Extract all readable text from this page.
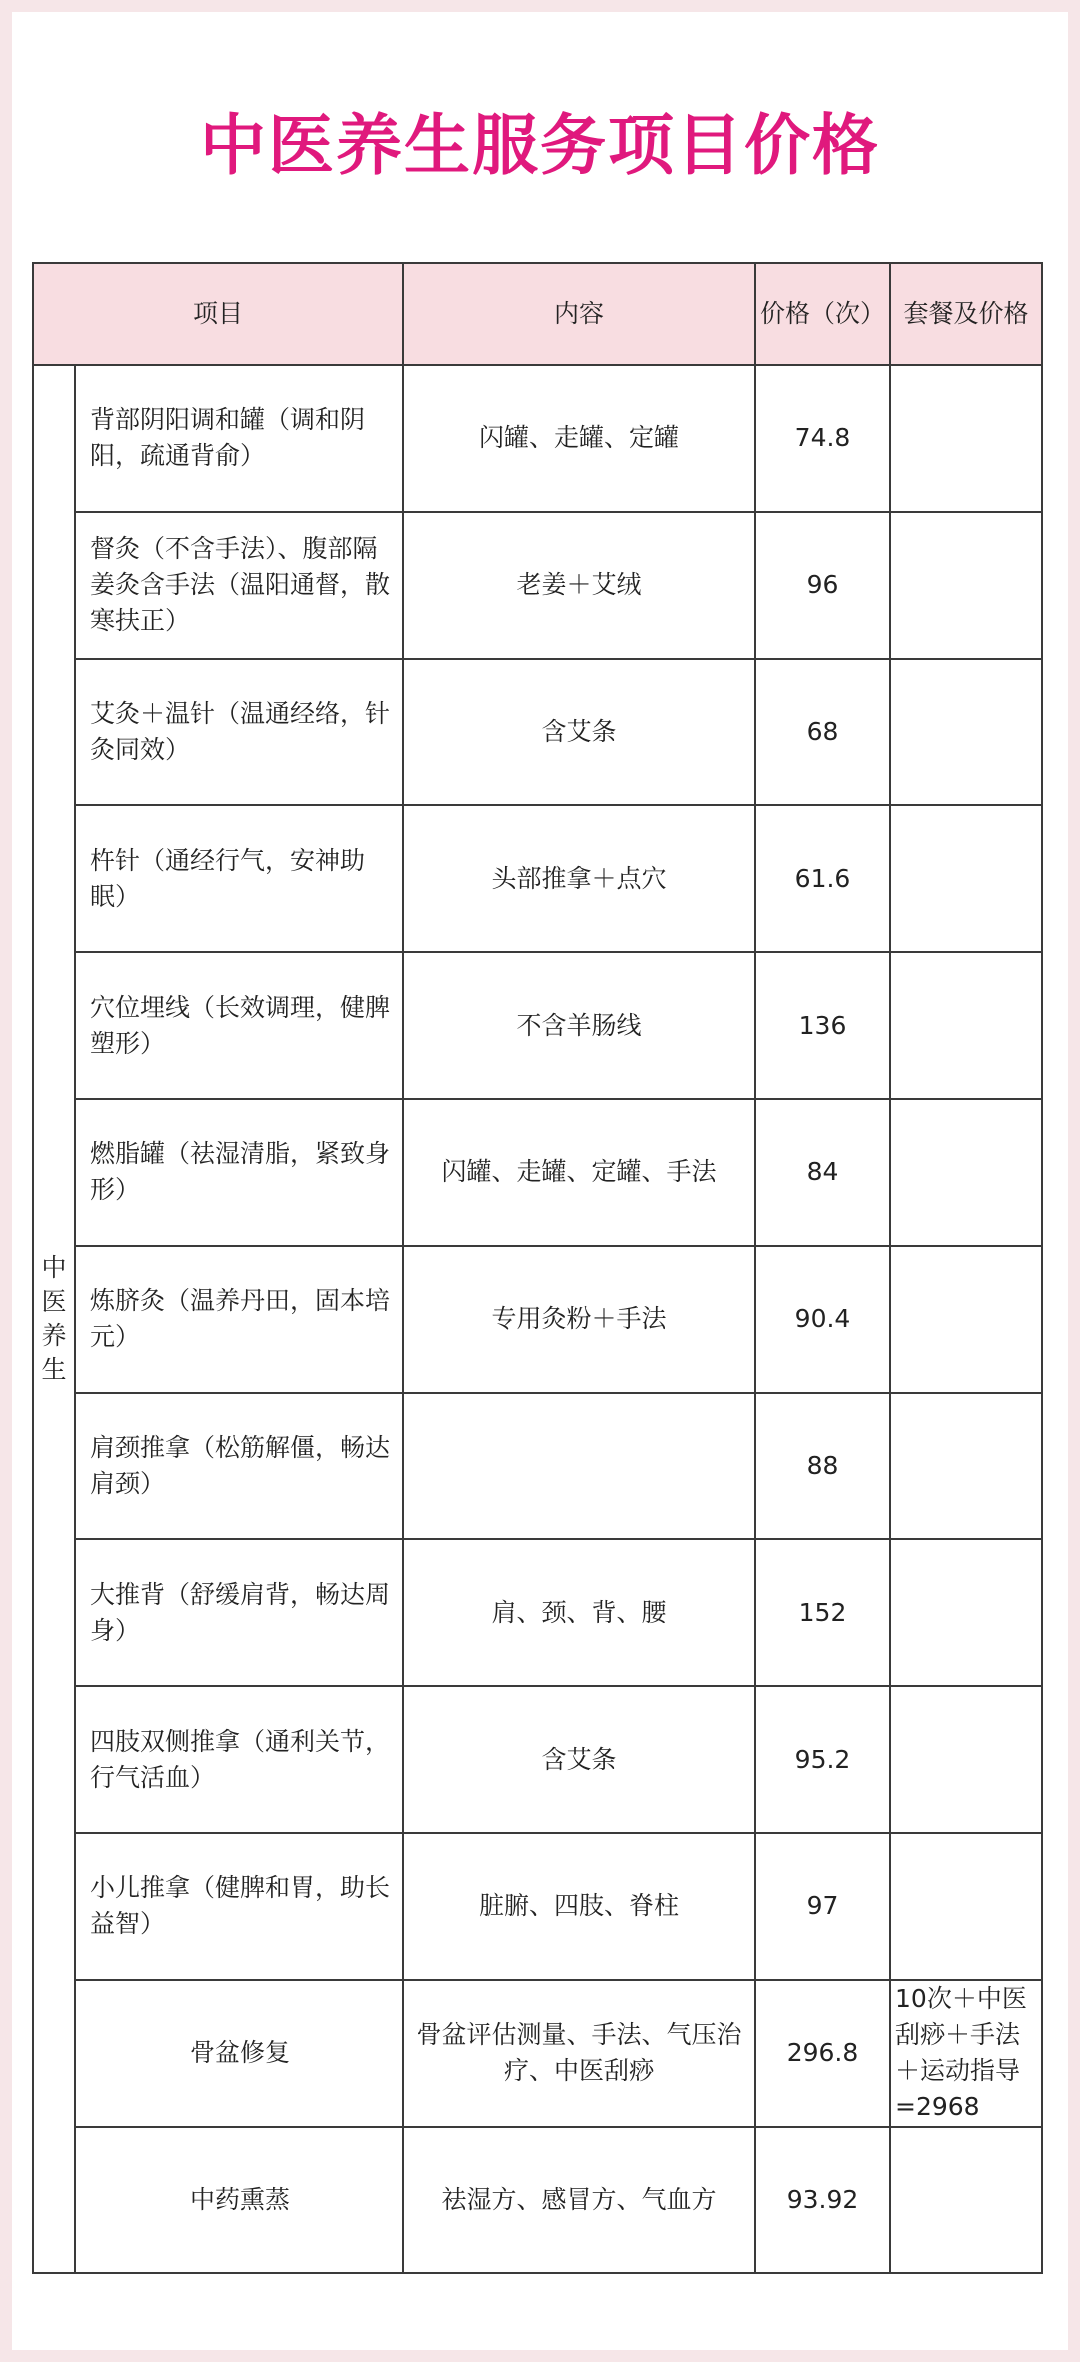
中医养生服务项目价格
项目		内容	价格（次）	套餐及价格
中医养生	背部阴阳调和罐（调和阴阳，疏通背俞）	闪罐、走罐、定罐	74.8	
	督灸（不含手法）、腹部隔姜灸含手法（温阳通督，散寒扶正）	老姜＋艾绒	96	
	艾灸＋温针（温通经络，针灸同效）	含艾条	68	
	杵针（通经行气，安神助眠）	头部推拿＋点穴	61.6	
	穴位埋线（长效调理，健脾塑形）	不含羊肠线	136	
	燃脂罐（祛湿清脂，紧致身形）	闪罐、走罐、定罐、手法	84	
	炼脐灸（温养丹田，固本培元）	专用灸粉＋手法	90.4	
	肩颈推拿（松筋解僵，畅达肩颈）		88	
	大推背（舒缓肩背，畅达周身）	肩、颈、背、腰	152	
	四肢双侧推拿（通利关节，行气活血）	含艾条	95.2	
	小儿推拿（健脾和胃，助长益智）	脏腑、四肢、脊柱	97	
	骨盆修复	骨盆评估测量、手法、气压治疗、中医刮痧	296.8	10次＋中医刮痧＋手法＋运动指导=2968
	中药熏蒸	祛湿方、感冒方、气血方	93.92	
